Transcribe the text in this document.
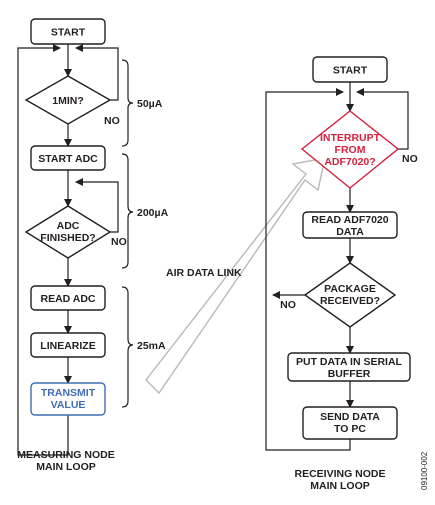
START
1MIN?
NO
START ADC
ADC
FINISHED? NO
READ ADC
LINEARIZE
TRANSMIT
VALUE
50µA
200µA
25mA
MEASURING NODE
MAIN LOOP
AIR DATA LINK
START
INTERRUPT
FROM
ADF7020?	NO
READ ADF7020
DATA
PACKAGE
RECEIVED?
NO
PUT DATA IN SERIAL
BUFFER
SEND DATA
TO PC
RECEIVING NODE
MAIN LOOP	09100-002
